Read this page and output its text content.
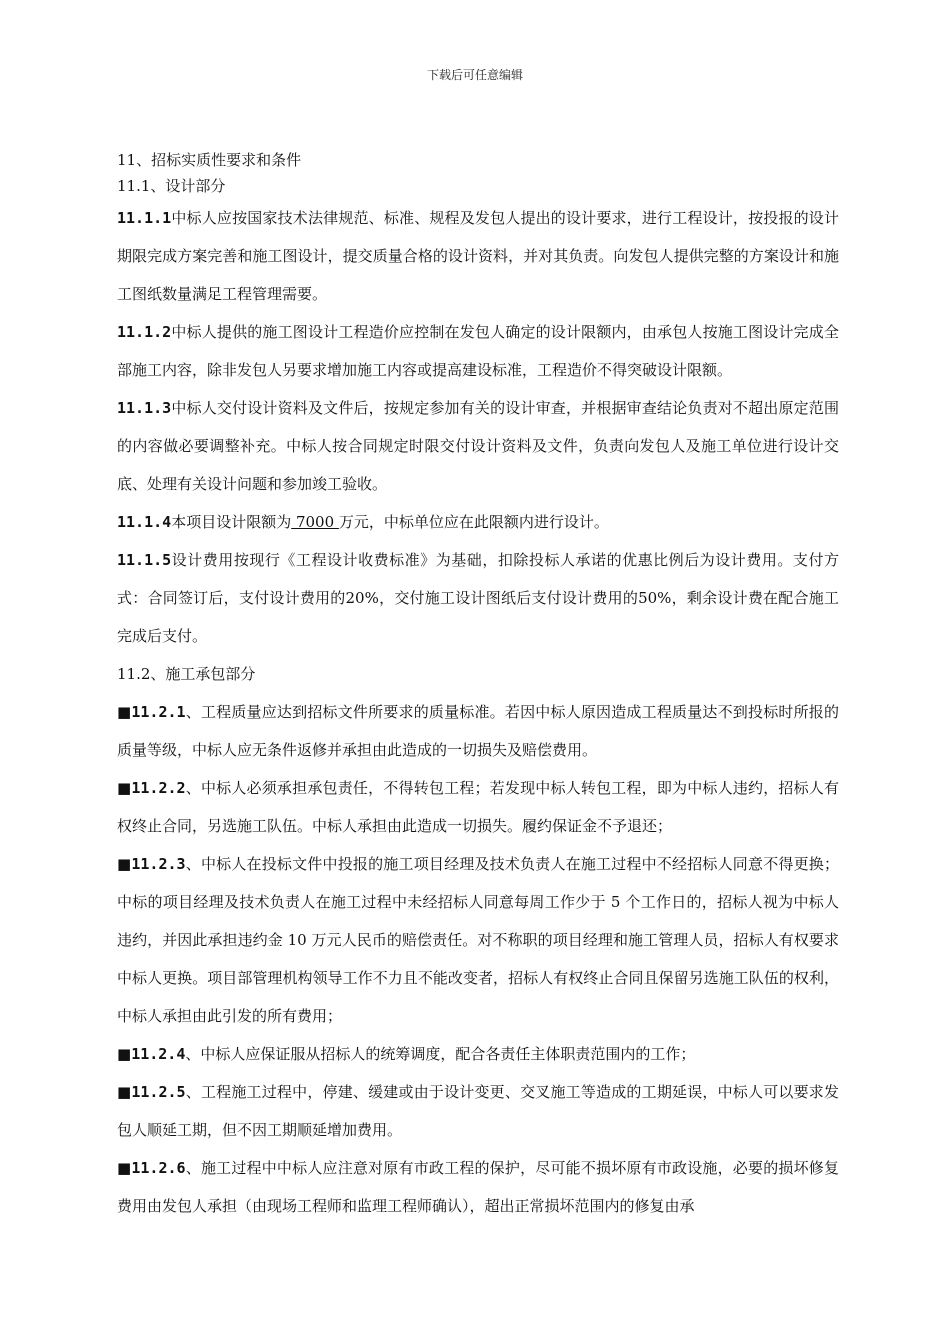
下载后可任意编辑

11、招标实质性要求和条件

11.1、设计部分

11.1.1中标人应按国家技术法律规范、标准、规程及发包人提出的设计要求，进行工程设计，按投报的设计期限完成方案完善和施工图设计，提交质量合格的设计资料，并对其负责。向发包人提供完整的方案设计和施工图纸数量满足工程管理需要。

11.1.2中标人提供的施工图设计工程造价应控制在发包人确定的设计限额内，由承包人按施工图设计完成全部施工内容，除非发包人另要求增加施工内容或提高建设标准，工程造价不得突破设计限额。

11.1.3中标人交付设计资料及文件后，按规定参加有关的设计审查，并根据审查结论负责对不超出原定范围的内容做必要调整补充。中标人按合同规定时限交付设计资料及文件，负责向发包人及施工单位进行设计交底、处理有关设计问题和参加竣工验收。

11.1.4本项目设计限额为 7000 万元，中标单位应在此限额内进行设计。

11.1.5设计费用按现行《工程设计收费标准》为基础，扣除投标人承诺的优惠比例后为设计费用。支付方式：合同签订后，支付设计费用的20%，交付施工设计图纸后支付设计费用的50%，剩余设计费在配合施工完成后支付。

11.2、施工承包部分

■11.2.1、工程质量应达到招标文件所要求的质量标准。若因中标人原因造成工程质量达不到投标时所报的质量等级，中标人应无条件返修并承担由此造成的一切损失及赔偿费用。

■11.2.2、中标人必须承担承包责任，不得转包工程；若发现中标人转包工程，即为中标人违约，招标人有权终止合同，另选施工队伍。中标人承担由此造成一切损失。履约保证金不予退还；

■11.2.3、中标人在投标文件中投报的施工项目经理及技术负责人在施工过程中不经招标人同意不得更换；中标的项目经理及技术负责人在施工过程中未经招标人同意每周工作少于 5 个工作日的，招标人视为中标人违约，并因此承担违约金 10 万元人民币的赔偿责任。对不称职的项目经理和施工管理人员，招标人有权要求中标人更换。项目部管理机构领导工作不力且不能改变者，招标人有权终止合同且保留另选施工队伍的权利，中标人承担由此引发的所有费用；

■11.2.4、中标人应保证服从招标人的统筹调度，配合各责任主体职责范围内的工作；

■11.2.5、工程施工过程中，停建、缓建或由于设计变更、交叉施工等造成的工期延误，中标人可以要求发包人顺延工期，但不因工期顺延增加费用。

■11.2.6、施工过程中中标人应注意对原有市政工程的保护，尽可能不损坏原有市政设施，必要的损坏修复费用由发包人承担（由现场工程师和监理工程师确认），超出正常损坏范围内的修复由承
